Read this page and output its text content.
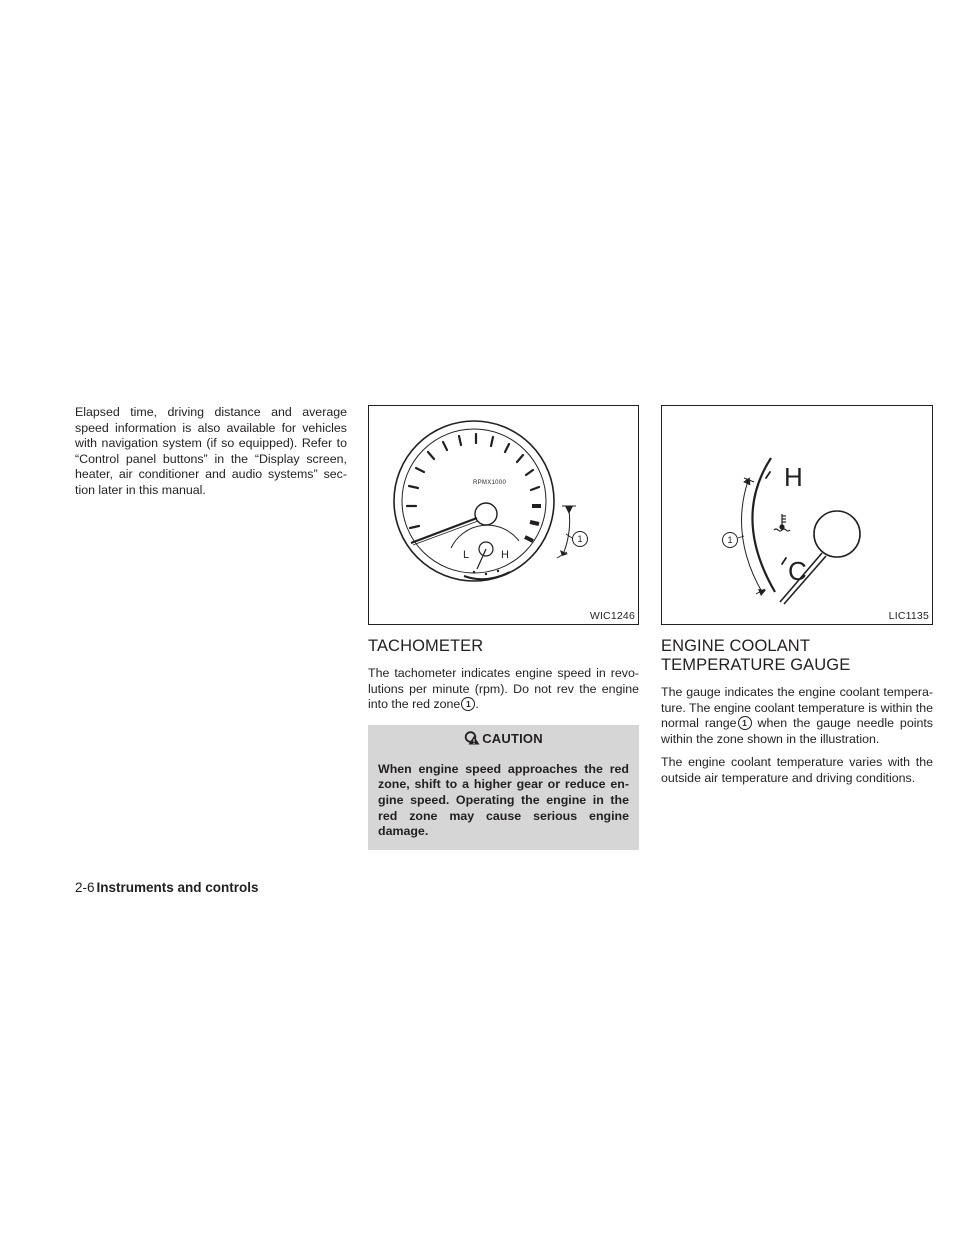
Elapsed time, driving distance and average speed information is also available for vehicles with navigation system (if so equipped). Refer to “Control panel buttons” in the “Display screen, heater, air conditioner and audio systems” sec- tion later in this manual.	RPMX1000
L	H
1
WIC1246
TACHOMETER

The tachometer indicates engine speed in revo- lutions per minute (rpm). Do not rev the engine into the red zone 1 .

CAUTION

When engine speed approaches the red zone, shift to a higher gear or reduce en- gine speed. Operating the engine in the red zone may cause serious engine damage.

H
C
1
LIC1135
ENGINE COOLANT TEMPERATURE GAUGE

The gauge indicates the engine coolant tempera- ture. The engine coolant temperature is within the normal range 1 when the gauge needle points within the zone shown in the illustration.

The engine coolant temperature varies with the outside air temperature and driving conditions.

2-6 Instruments and controls
